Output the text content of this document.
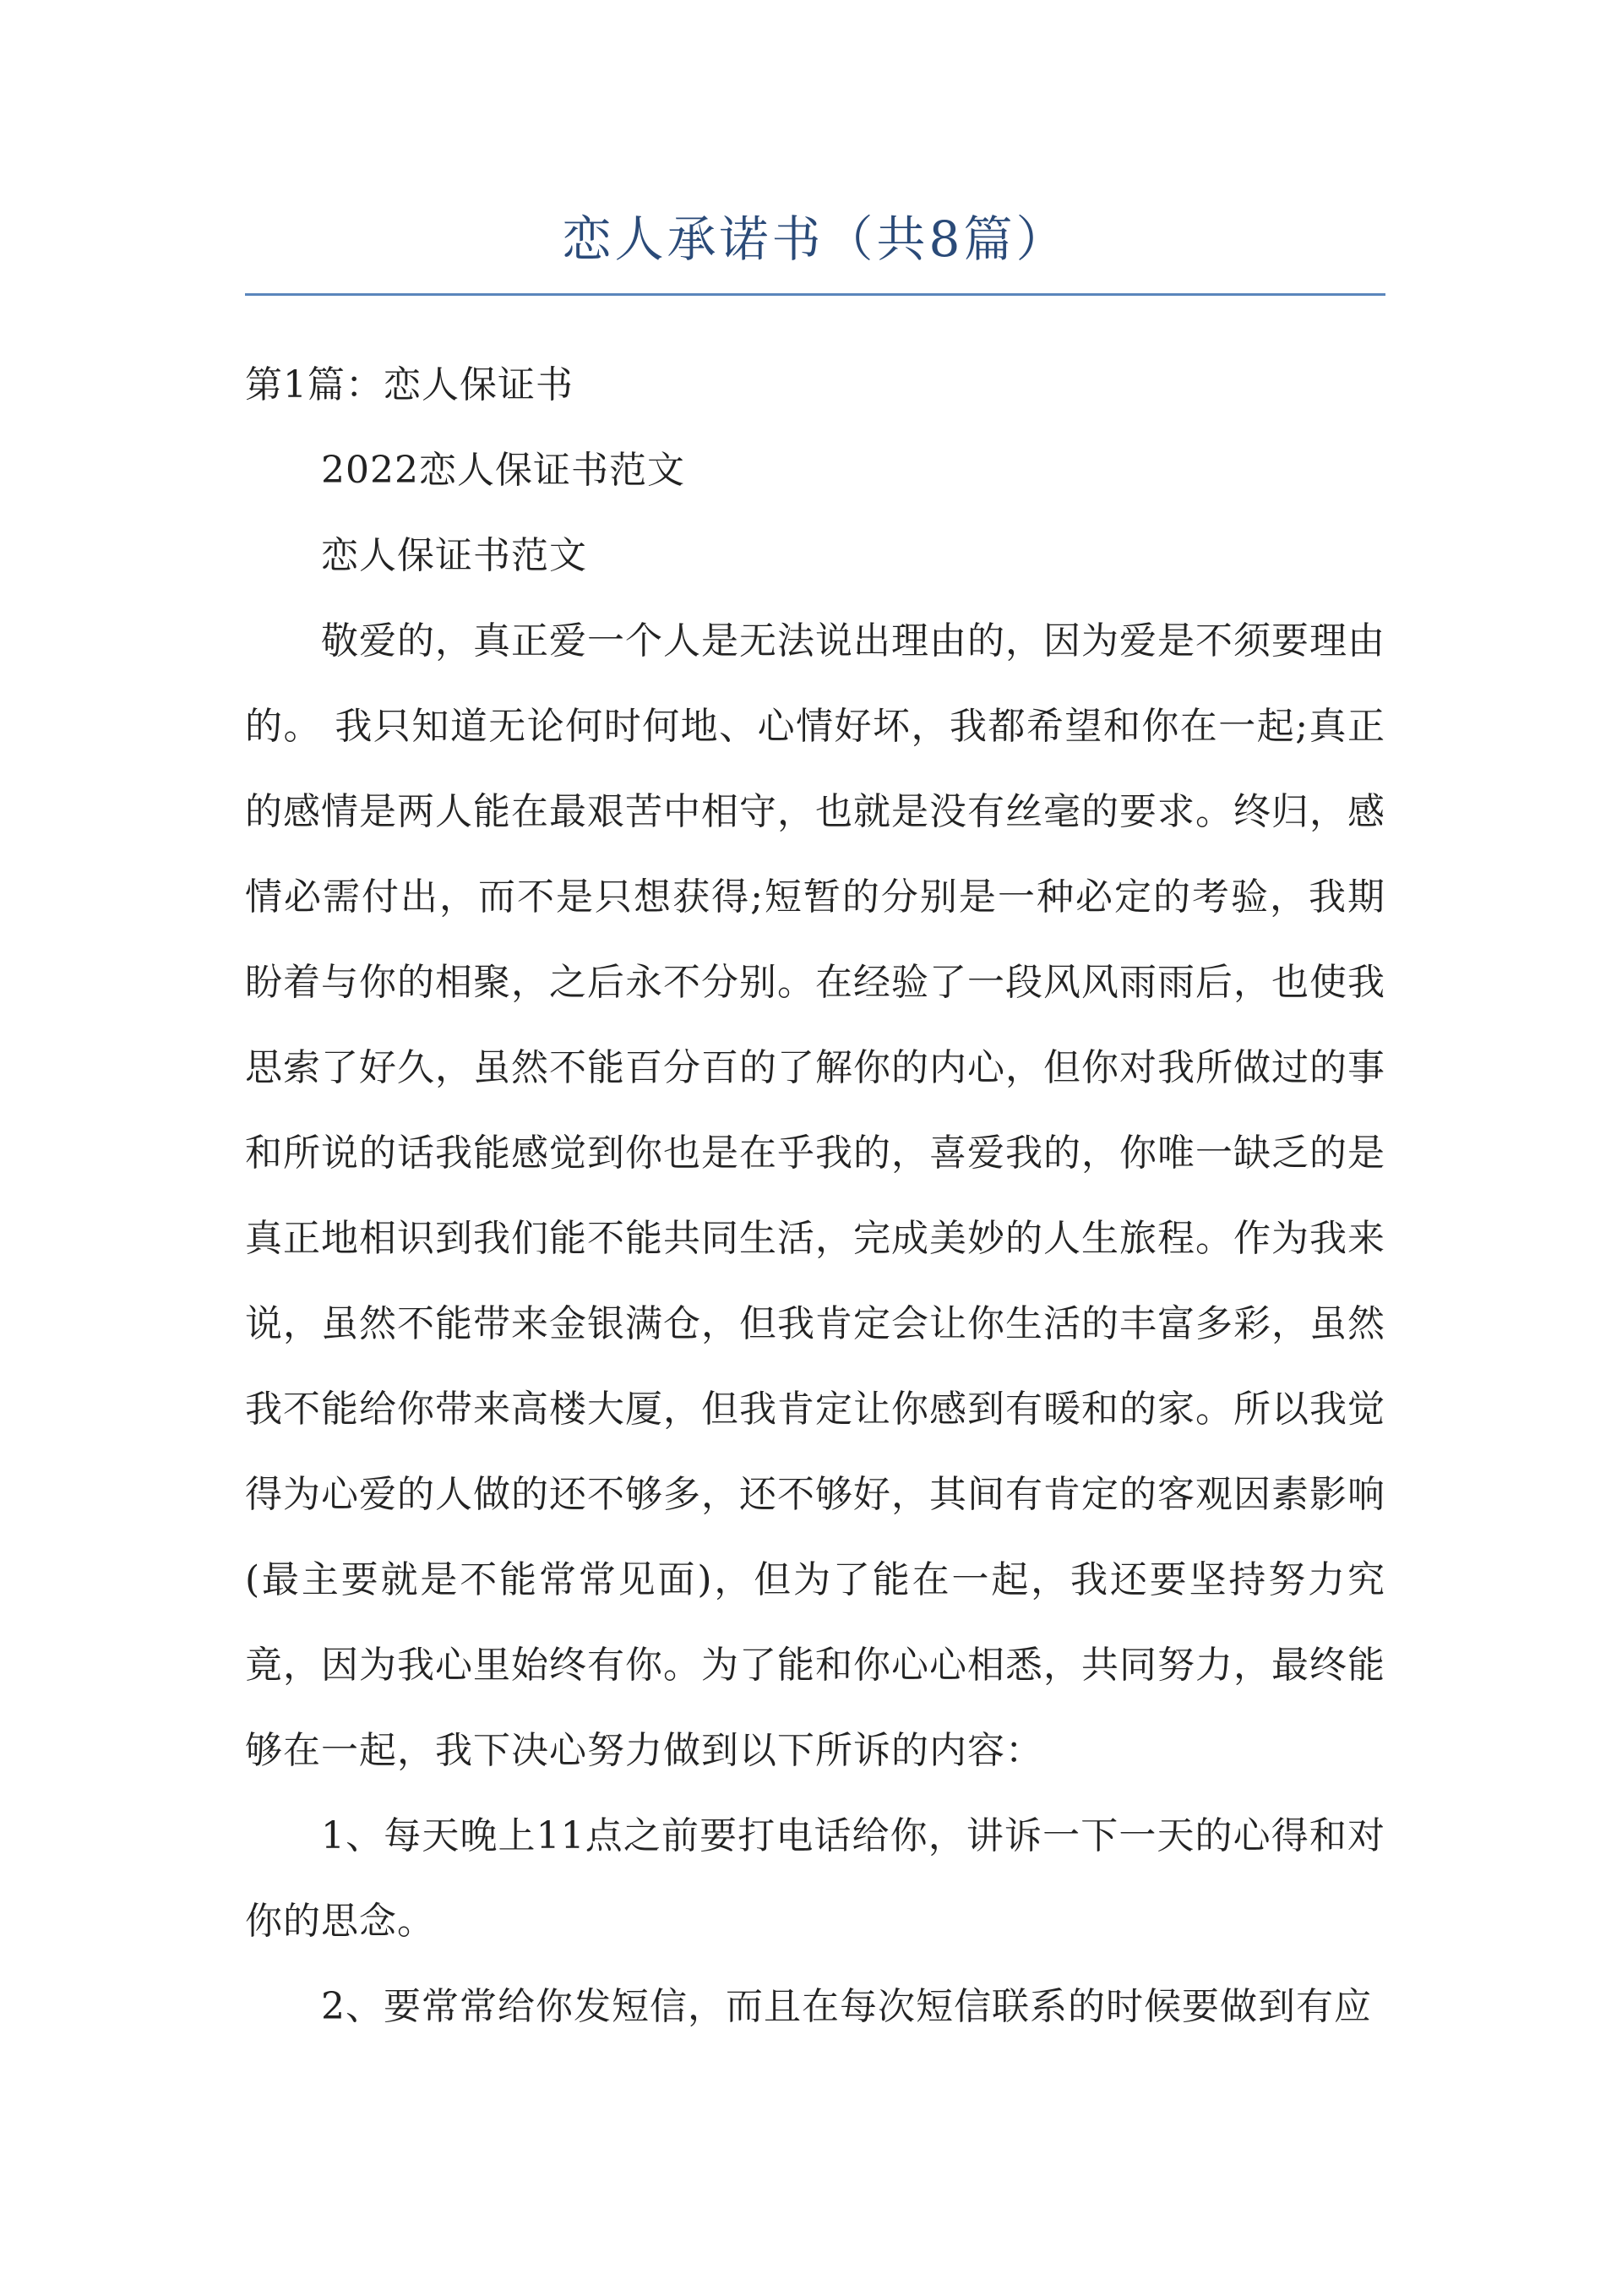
恋人承诺书（共8篇）

第1篇：恋人保证书

2022恋人保证书范文

恋人保证书范文

敬爱的，真正爱一个人是无法说出理由的，因为爱是不须要理由的。 我只知道无论何时何地、心情好坏，我都希望和你在一起;真正的感情是两人能在最艰苦中相守，也就是没有丝毫的要求。终归，感情必需付出，而不是只想获得;短暂的分别是一种必定的考验，我期盼着与你的相聚，之后永不分别。在经验了一段风风雨雨后，也使我思索了好久，虽然不能百分百的了解你的内心，但你对我所做过的事和所说的话我能感觉到你也是在乎我的，喜爱我的，你唯一缺乏的是真正地相识到我们能不能共同生活，完成美妙的人生旅程。作为我来说，虽然不能带来金银满仓，但我肯定会让你生活的丰富多彩，虽然我不能给你带来高楼大厦，但我肯定让你感到有暖和的家。所以我觉得为心爱的人做的还不够多，还不够好，其间有肯定的客观因素影响(最主要就是不能常常见面)，但为了能在一起，我还要坚持努力究竟，因为我心里始终有你。为了能和你心心相悉，共同努力，最终能够在一起，我下决心努力做到以下所诉的内容：

1、每天晚上11点之前要打电话给你，讲诉一下一天的心得和对你的思念。

2、要常常给你发短信，而且在每次短信联系的时候要做到有应
